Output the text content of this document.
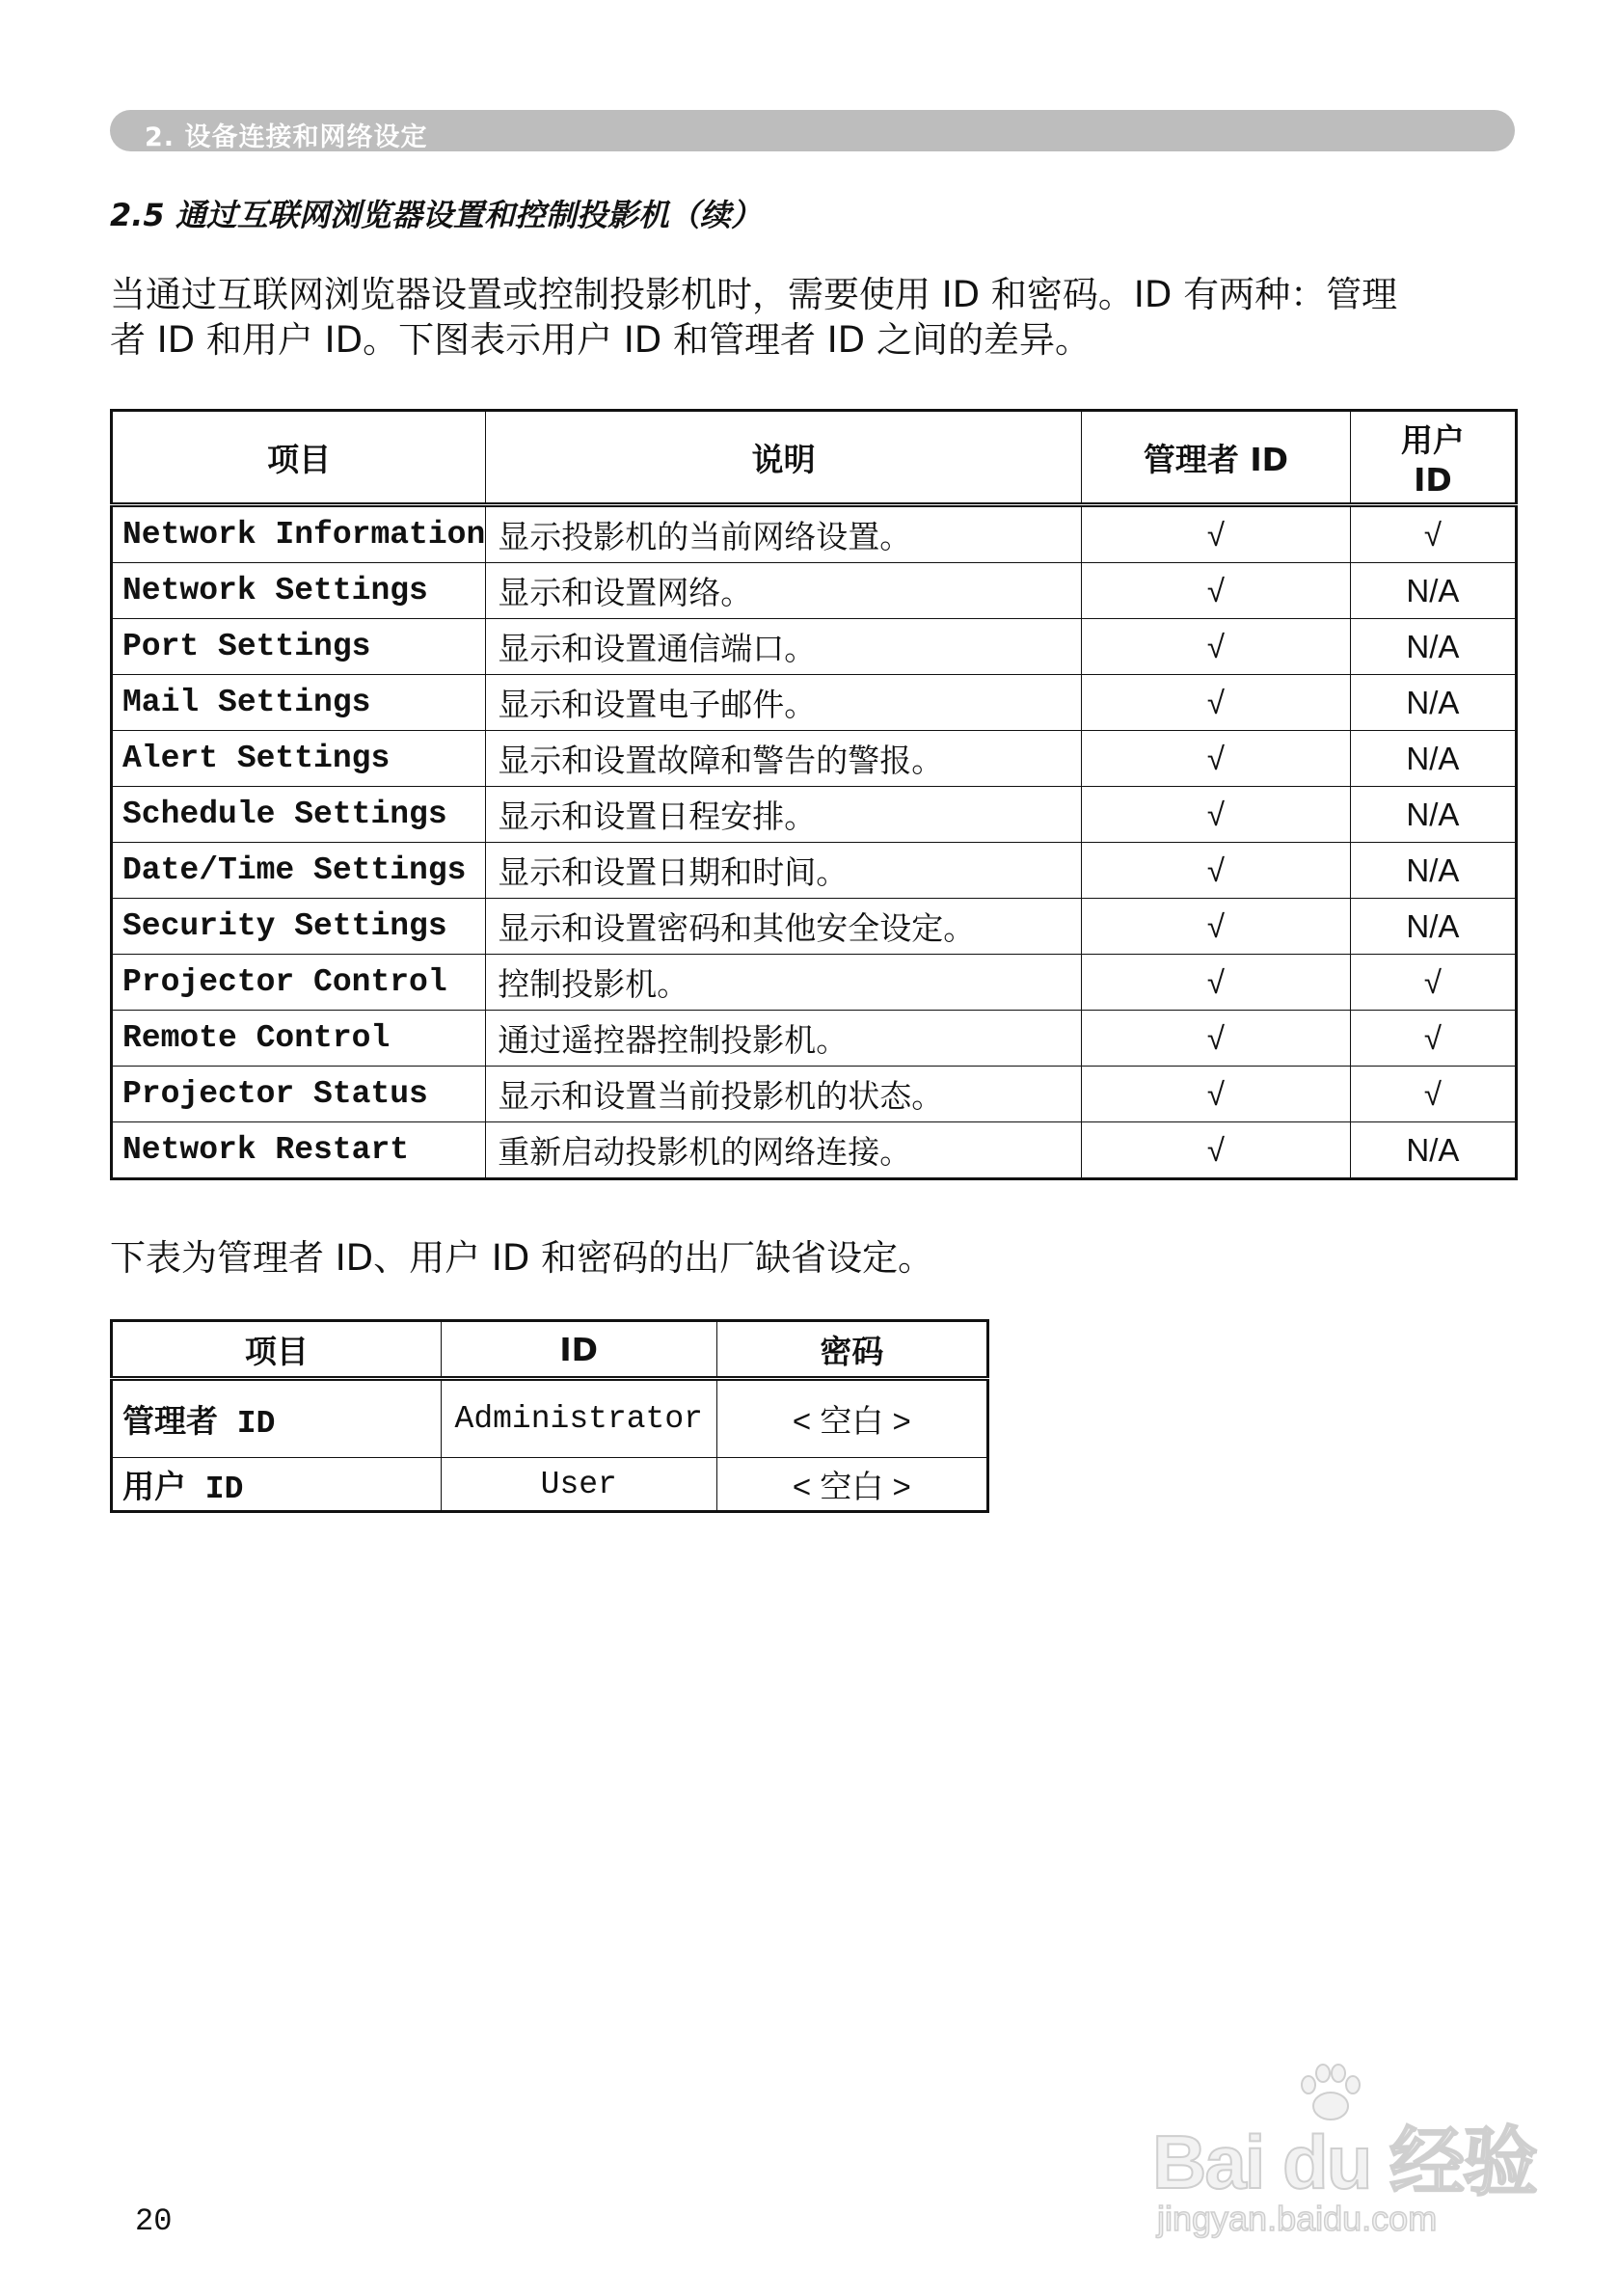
2. 设备连接和网络设定
2.5 通过互联网浏览器设置和控制投影机（续）
当通过互联网浏览器设置或控制投影机时，需要使用 ID 和密码。ID 有两种：管理
者 ID 和用户 ID。下图表示用户 ID 和管理者 ID 之间的差异。
项目	说明	管理者 ID	用户 ID
Network Information	显示投影机的当前网络设置。	√	√
Network Settings	显示和设置网络。	√	N/A
Port Settings	显示和设置通信端口。	√	N/A
Mail Settings	显示和设置电子邮件。	√	N/A
Alert Settings	显示和设置故障和警告的警报。	√	N/A
Schedule Settings	显示和设置日程安排。	√	N/A
Date/Time Settings	显示和设置日期和时间。	√	N/A
Security Settings	显示和设置密码和其他安全设定。	√	N/A
Projector Control	控制投影机。	√	√
Remote Control	通过遥控器控制投影机。	√	√
Projector Status	显示和设置当前投影机的状态。	√	√
Network Restart	重新启动投影机的网络连接。	√	N/A
下表为管理者 ID、用户 ID 和密码的出厂缺省设定。
项目	ID	密码
管理者 ID	Administrator	< 空白 >
用户 ID	User	< 空白 >
20
Bai du 经验
jingyan.baidu.com
